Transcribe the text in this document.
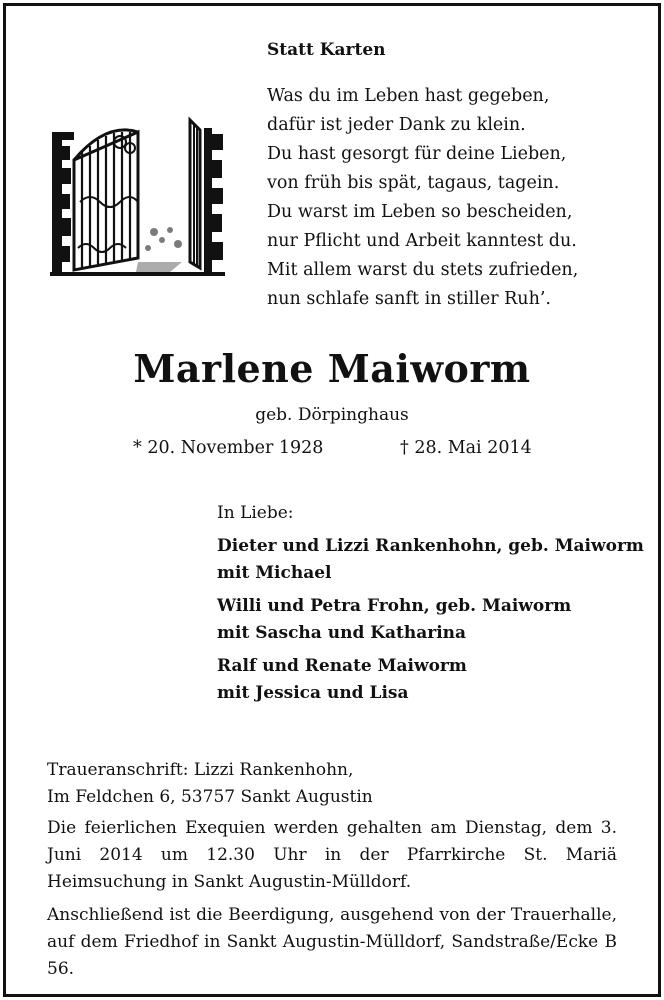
Statt Karten
Was du im Leben hast gegeben,
dafür ist jeder Dank zu klein.
Du hast gesorgt für deine Lieben,
von früh bis spät, tagaus, tagein.
Du warst im Leben so bescheiden,
nur Pflicht und Arbeit kanntest du.
Mit allem warst du stets zufrieden,
nun schlafe sanft in stiller Ruh’.
Marlene Maiworm
geb. Dörpinghaus
* 20. November 1928	† 28. Mai 2014
In Liebe:
Dieter und Lizzi Rankenhohn, geb. Maiworm
mit Michael
Willi und Petra Frohn, geb. Maiworm
mit Sascha und Katharina
Ralf und Renate Maiworm
mit Jessica und Lisa

Traueranschrift: Lizzi Rankenhohn,
Im Feldchen 6, 53757 Sankt Augustin

Die feierlichen Exequien werden gehalten am Dienstag, dem 3. Juni 2014 um 12.30 Uhr in der Pfarrkirche St. Mariä Heimsuchung in Sankt Augustin-Mülldorf.

Anschließend ist die Beerdigung, ausgehend von der Trauerhalle, auf dem Friedhof in Sankt Augustin-Mülldorf, Sandstraße/Ecke B 56.
